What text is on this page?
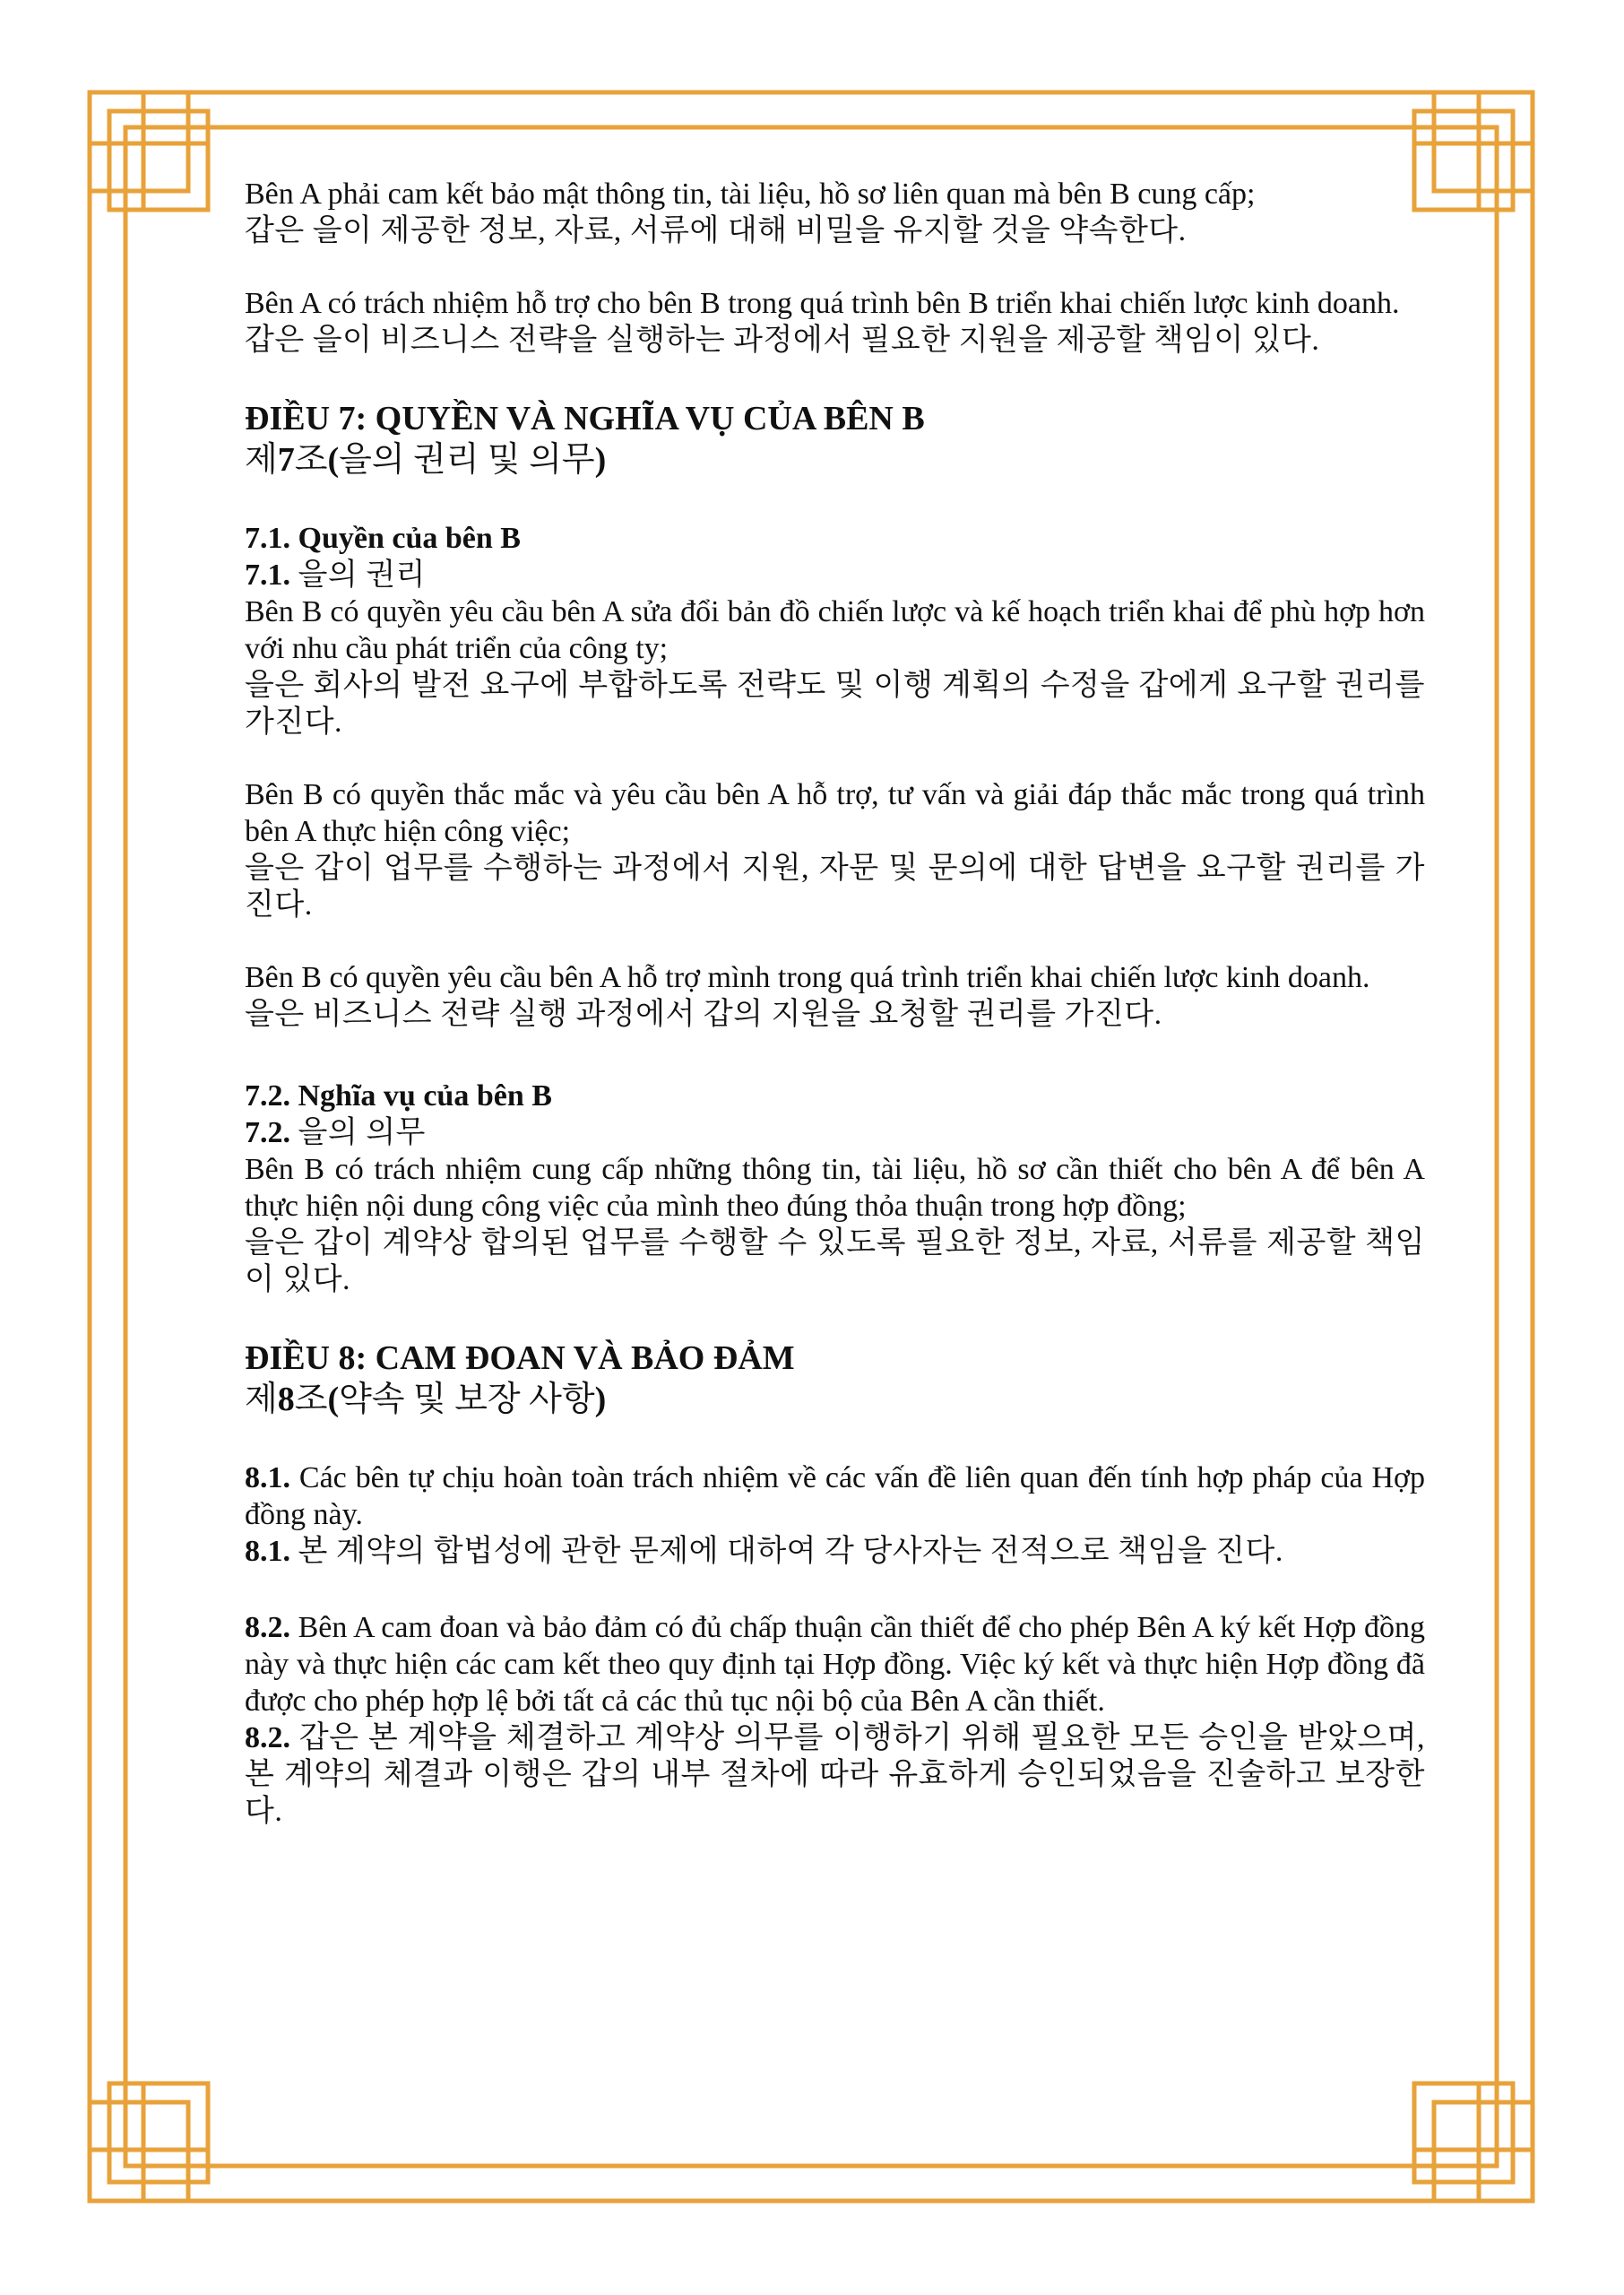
Bên A phải cam kết bảo mật thông tin, tài liệu, hồ sơ liên quan mà bên B cung cấp;

갑은 을이 제공한 정보, 자료, 서류에 대해 비밀을 유지할 것을 약속한다.

Bên A có trách nhiệm hỗ trợ cho bên B trong quá trình bên B triển khai chiến lược kinh doanh.

갑은 을이 비즈니스 전략을 실행하는 과정에서 필요한 지원을 제공할 책임이 있다.

ĐIỀU 7: QUYỀN VÀ NGHĨA VỤ CỦA BÊN B

제7조(을의 권리 및 의무)

7.1. Quyền của bên B

7.1. 을의 권리

Bên B có quyền yêu cầu bên A sửa đổi bản đồ chiến lược và kế hoạch triển khai để phù hợp hơn với nhu cầu phát triển của công ty;

을은 회사의 발전 요구에 부합하도록 전략도 및 이행 계획의 수정을 갑에게 요구할 권리를 가진다.

Bên B có quyền thắc mắc và yêu cầu bên A hỗ trợ, tư vấn và giải đáp thắc mắc trong quá trình bên A thực hiện công việc;

을은 갑이 업무를 수행하는 과정에서 지원, 자문 및 문의에 대한 답변을 요구할 권리를 가진다.

Bên B có quyền yêu cầu bên A hỗ trợ mình trong quá trình triển khai chiến lược kinh doanh.

을은 비즈니스 전략 실행 과정에서 갑의 지원을 요청할 권리를 가진다.

7.2. Nghĩa vụ của bên B

7.2. 을의 의무

Bên B có trách nhiệm cung cấp những thông tin, tài liệu, hồ sơ cần thiết cho bên A để bên A thực hiện nội dung công việc của mình theo đúng thỏa thuận trong hợp đồng;

을은 갑이 계약상 합의된 업무를 수행할 수 있도록 필요한 정보, 자료, 서류를 제공할 책임이 있다.

ĐIỀU 8: CAM ĐOAN VÀ BẢO ĐẢM

제8조(약속 및 보장 사항)

8.1. Các bên tự chịu hoàn toàn trách nhiệm về các vấn đề liên quan đến tính hợp pháp của Hợp đồng này.

8.1. 본 계약의 합법성에 관한 문제에 대하여 각 당사자는 전적으로 책임을 진다.

8.2. Bên A cam đoan và bảo đảm có đủ chấp thuận cần thiết để cho phép Bên A ký kết Hợp đồng này và thực hiện các cam kết theo quy định tại Hợp đồng. Việc ký kết và thực hiện Hợp đồng đã được cho phép hợp lệ bởi tất cả các thủ tục nội bộ của Bên A cần thiết.

8.2. 갑은 본 계약을 체결하고 계약상 의무를 이행하기 위해 필요한 모든 승인을 받았으며, 본 계약의 체결과 이행은 갑의 내부 절차에 따라 유효하게 승인되었음을 진술하고 보장한다.
